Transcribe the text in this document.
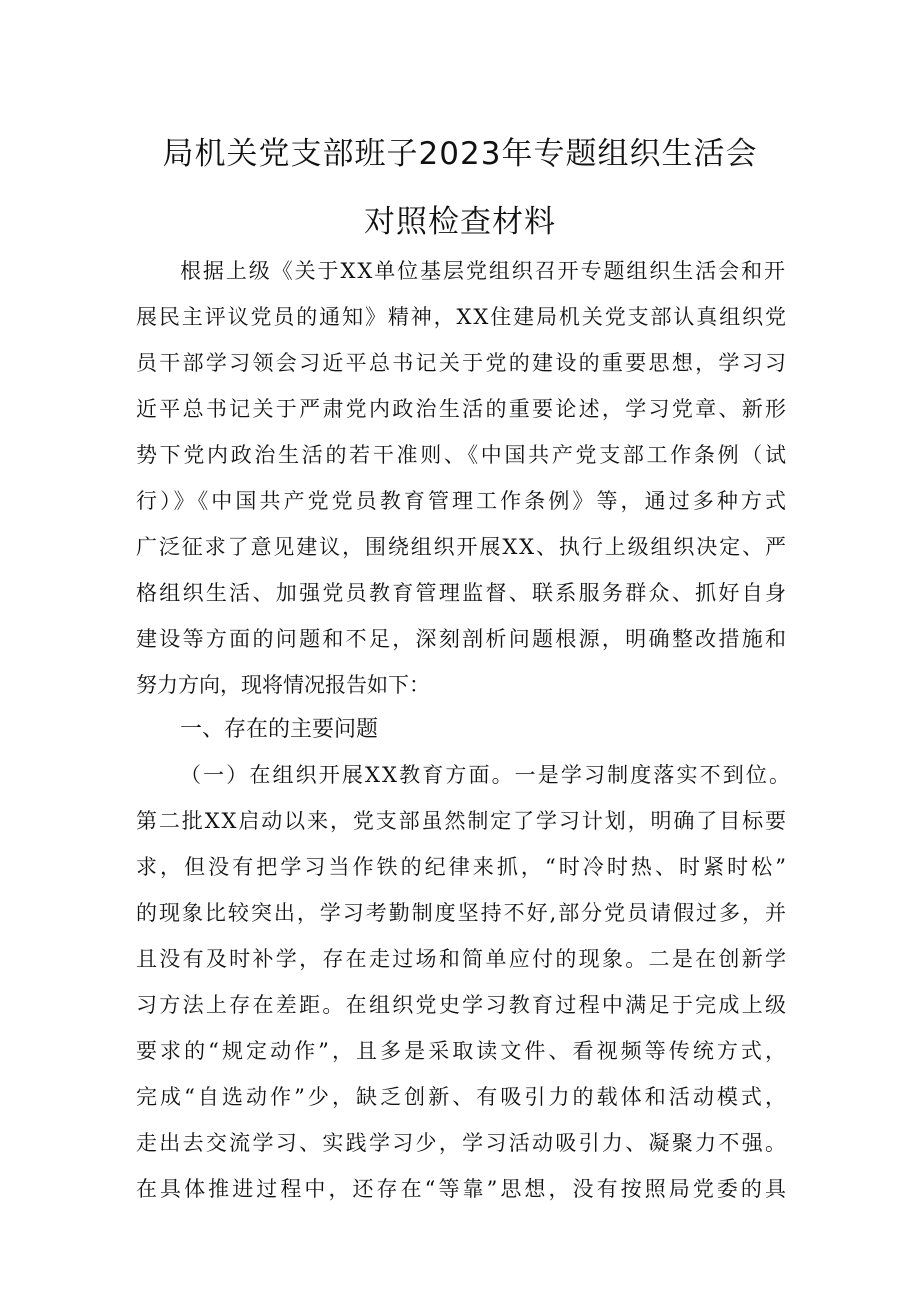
局机关党支部班子2023年专题组织生活会
对照检查材料
根据上级《关于XX单位基层党组织召开专题组织生活会和开
展民主评议党员的通知》精神，XX住建局机关党支部认真组织党
员干部学习领会习近平总书记关于党的建设的重要思想，学习习
近平总书记关于严肃党内政治生活的重要论述，学习党章、新形
势下党内政治生活的若干准则、《中国共产党支部工作条例（试
行）》《中国共产党党员教育管理工作条例》等，通过多种方式
广泛征求了意见建议，围绕组织开展XX、执行上级组织决定、严
格组织生活、加强党员教育管理监督、联系服务群众、抓好自身
建设等方面的问题和不足，深刻剖析问题根源，明确整改措施和
努力方向，现将情况报告如下：
一、存在的主要问题
（一）在组织开展XX教育方面。一是学习制度落实不到位。
第二批XX启动以来，党支部虽然制定了学习计划，明确了目标要
求，但没有把学习当作铁的纪律来抓，“时冷时热、时紧时松”
的现象比较突出，学习考勤制度坚持不好,部分党员请假过多，并
且没有及时补学，存在走过场和简单应付的现象。二是在创新学
习方法上存在差距。在组织党史学习教育过程中满足于完成上级
要求的“规定动作”，且多是采取读文件、看视频等传统方式，
完成“自选动作”少，缺乏创新、有吸引力的载体和活动模式，
走出去交流学习、实践学习少，学习活动吸引力、凝聚力不强。
在具体推进过程中，还存在“等靠”思想，没有按照局党委的具
